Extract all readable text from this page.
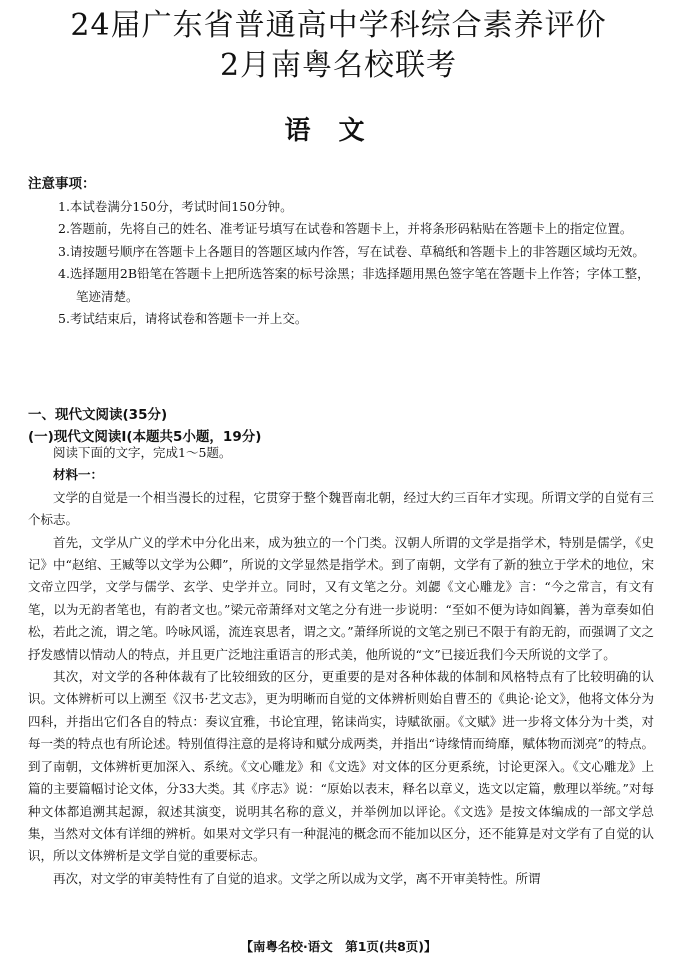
24届广东省普通高中学科综合素养评价
2月南粤名校联考
语文
注意事项：

1.本试卷满分150分，考试时间150分钟。

2.答题前，先将自己的姓名、准考证号填写在试卷和答题卡上，并将条形码粘贴在答题卡上的指定位置。

3.请按题号顺序在答题卡上各题目的答题区域内作答，写在试卷、草稿纸和答题卡上的非答题区域均无效。

4.选择题用2B铅笔在答题卡上把所选答案的标号涂黑；非选择题用黑色签字笔在答题卡上作答；字体工整，笔迹清楚。

5.考试结束后，请将试卷和答题卡一并上交。

一、现代文阅读(35分)
(一)现代文阅读Ⅰ(本题共5小题，19分)

阅读下面的文字，完成1～5题。

材料一：

文学的自觉是一个相当漫长的过程，它贯穿于整个魏晋南北朝，经过大约三百年才实现。所谓文学的自觉有三个标志。

首先，文学从广义的学术中分化出来，成为独立的一个门类。汉朝人所谓的文学是指学术，特别是儒学，《史记》中“赵绾、王臧等以文学为公卿”，所说的文学显然是指学术。到了南朝，文学有了新的独立于学术的地位，宋文帝立四学，文学与儒学、玄学、史学并立。同时，又有文笔之分。刘勰《文心雕龙》言：“今之常言，有文有笔，以为无韵者笔也，有韵者文也。”梁元帝萧绎对文笔之分有进一步说明：“至如不便为诗如阎纂，善为章奏如伯松，若此之流，谓之笔。吟咏风谣，流连哀思者，谓之文。”萧绎所说的文笔之别已不限于有韵无韵，而强调了文之抒发感情以情动人的特点，并且更广泛地注重语言的形式美，他所说的“文”已接近我们今天所说的文学了。

其次，对文学的各种体裁有了比较细致的区分，更重要的是对各种体裁的体制和风格特点有了比较明确的认识。文体辨析可以上溯至《汉书·艺文志》，更为明晰而自觉的文体辨析则始自曹丕的《典论·论文》，他将文体分为四科，并指出它们各自的特点：奏议宜雅，书论宜理，铭诔尚实，诗赋欲丽。《文赋》进一步将文体分为十类，对每一类的特点也有所论述。特别值得注意的是将诗和赋分成两类，并指出“诗缘情而绮靡，赋体物而浏亮”的特点。到了南朝，文体辨析更加深入、系统。《文心雕龙》和《文选》对文体的区分更系统，讨论更深入。《文心雕龙》上篇的主要篇幅讨论文体，分33大类。其《序志》说：“原始以表末，释名以章义，选文以定篇，敷理以举统。”对每种文体都追溯其起源，叙述其演变，说明其名称的意义，并举例加以评论。《文选》是按文体编成的一部文学总集，当然对文体有详细的辨析。如果对文学只有一种混沌的概念而不能加以区分，还不能算是对文学有了自觉的认识，所以文体辨析是文学自觉的重要标志。

再次，对文学的审美特性有了自觉的追求。文学之所以成为文学，离不开审美特性。所谓

【南粤名校·语文　第1页(共8页)】
